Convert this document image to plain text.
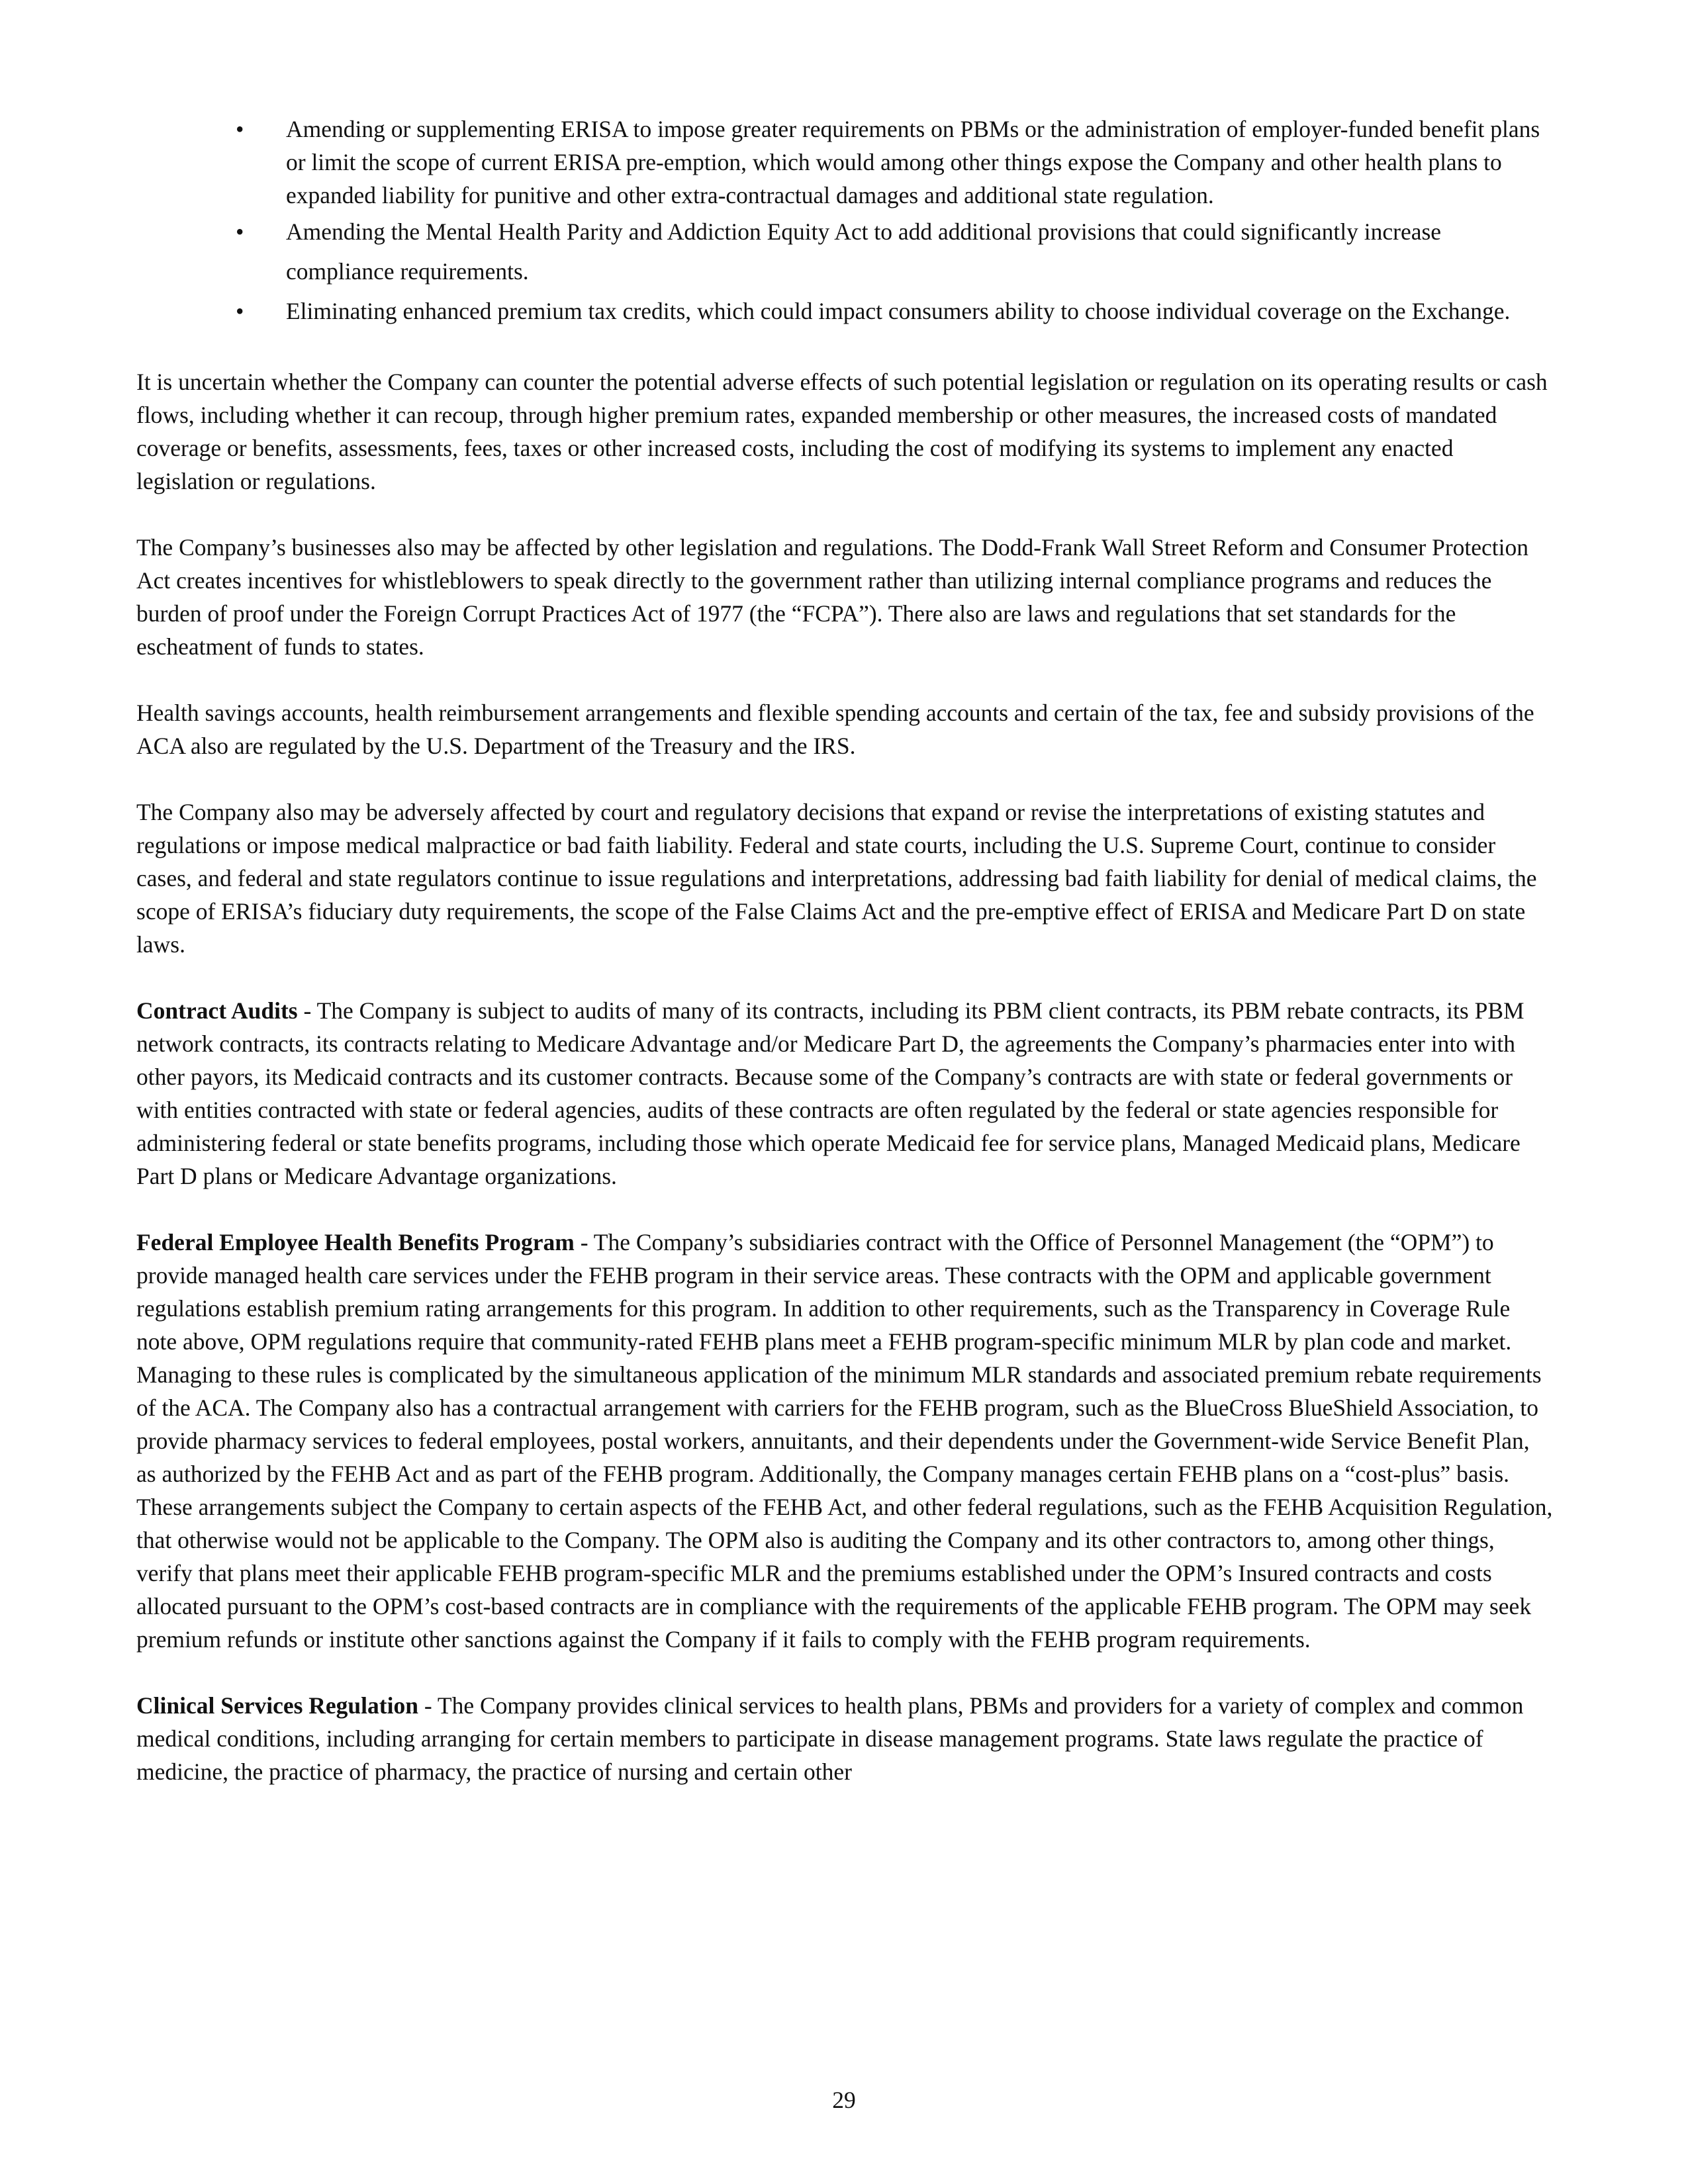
• Amending or supplementing ERISA to impose greater requirements on PBMs or the administration of employer-funded benefit plans or limit the scope of current ERISA pre-emption, which would among other things expose the Company and other health plans to expanded liability for punitive and other extra-contractual damages and additional state regulation.
• Amending the Mental Health Parity and Addiction Equity Act to add additional provisions that could significantly increase compliance requirements.
• Eliminating enhanced premium tax credits, which could impact consumers ability to choose individual coverage on the Exchange.

It is uncertain whether the Company can counter the potential adverse effects of such potential legislation or regulation on its operating results or cash flows, including whether it can recoup, through higher premium rates, expanded membership or other measures, the increased costs of mandated coverage or benefits, assessments, fees, taxes or other increased costs, including the cost of modifying its systems to implement any enacted legislation or regulations.

The Company’s businesses also may be affected by other legislation and regulations. The Dodd-Frank Wall Street Reform and Consumer Protection Act creates incentives for whistleblowers to speak directly to the government rather than utilizing internal compliance programs and reduces the burden of proof under the Foreign Corrupt Practices Act of 1977 (the “FCPA”). There also are laws and regulations that set standards for the escheatment of funds to states.

Health savings accounts, health reimbursement arrangements and flexible spending accounts and certain of the tax, fee and subsidy provisions of the ACA also are regulated by the U.S. Department of the Treasury and the IRS.

The Company also may be adversely affected by court and regulatory decisions that expand or revise the interpretations of existing statutes and regulations or impose medical malpractice or bad faith liability. Federal and state courts, including the U.S. Supreme Court, continue to consider cases, and federal and state regulators continue to issue regulations and interpretations, addressing bad faith liability for denial of medical claims, the scope of ERISA’s fiduciary duty requirements, the scope of the False Claims Act and the pre-emptive effect of ERISA and Medicare Part D on state laws.

Contract Audits - The Company is subject to audits of many of its contracts, including its PBM client contracts, its PBM rebate contracts, its PBM network contracts, its contracts relating to Medicare Advantage and/or Medicare Part D, the agreements the Company’s pharmacies enter into with other payors, its Medicaid contracts and its customer contracts. Because some of the Company’s contracts are with state or federal governments or with entities contracted with state or federal agencies, audits of these contracts are often regulated by the federal or state agencies responsible for administering federal or state benefits programs, including those which operate Medicaid fee for service plans, Managed Medicaid plans, Medicare Part D plans or Medicare Advantage organizations.

Federal Employee Health Benefits Program - The Company’s subsidiaries contract with the Office of Personnel Management (the “OPM”) to provide managed health care services under the FEHB program in their service areas. These contracts with the OPM and applicable government regulations establish premium rating arrangements for this program. In addition to other requirements, such as the Transparency in Coverage Rule note above, OPM regulations require that community-rated FEHB plans meet a FEHB program-specific minimum MLR by plan code and market. Managing to these rules is complicated by the simultaneous application of the minimum MLR standards and associated premium rebate requirements of the ACA. The Company also has a contractual arrangement with carriers for the FEHB program, such as the BlueCross BlueShield Association, to provide pharmacy services to federal employees, postal workers, annuitants, and their dependents under the Government-wide Service Benefit Plan, as authorized by the FEHB Act and as part of the FEHB program. Additionally, the Company manages certain FEHB plans on a “cost-plus” basis. These arrangements subject the Company to certain aspects of the FEHB Act, and other federal regulations, such as the FEHB Acquisition Regulation, that otherwise would not be applicable to the Company. The OPM also is auditing the Company and its other contractors to, among other things, verify that plans meet their applicable FEHB program-specific MLR and the premiums established under the OPM’s Insured contracts and costs allocated pursuant to the OPM’s cost-based contracts are in compliance with the requirements of the applicable FEHB program. The OPM may seek premium refunds or institute other sanctions against the Company if it fails to comply with the FEHB program requirements.

Clinical Services Regulation - The Company provides clinical services to health plans, PBMs and providers for a variety of complex and common medical conditions, including arranging for certain members to participate in disease management programs. State laws regulate the practice of medicine, the practice of pharmacy, the practice of nursing and certain other

29
